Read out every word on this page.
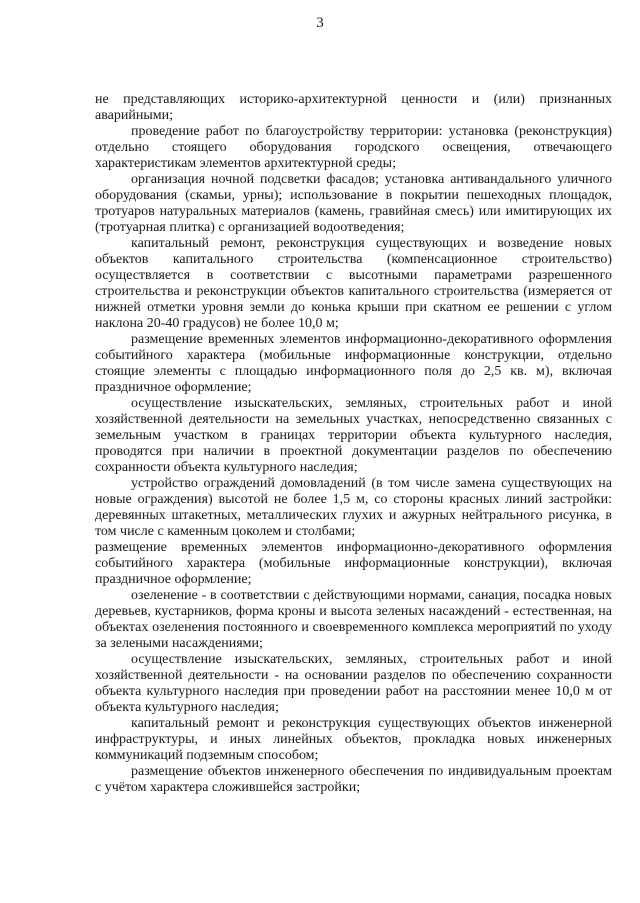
3

не представляющих историко-архитектурной ценности и (или) признанных аварийными;

проведение работ по благоустройству территории: установка (реконструкция) отдельно стоящего оборудования городского освещения, отвечающего характеристикам элементов архитектурной среды;

организация ночной подсветки фасадов; установка антивандального уличного оборудования (скамьи, урны); использование в покрытии пешеходных площадок, тротуаров натуральных материалов (камень, гравийная смесь) или имитирующих их (тротуарная плитка) с организацией водоотведения;

капитальный ремонт, реконструкция существующих и возведение новых объектов капитального строительства (компенсационное строительство) осуществляется в соответствии с высотными параметрами разрешенного строительства и реконструкции объектов капитального строительства (измеряется от нижней отметки уровня земли до конька крыши при скатном ее решении с углом наклона 20-40 градусов) не более 10,0 м;

размещение временных элементов информационно-декоративного оформления событийного характера (мобильные информационные конструкции, отдельно стоящие элементы с площадью информационного поля до 2,5 кв. м), включая праздничное оформление;

осуществление изыскательских, земляных, строительных работ и иной хозяйственной деятельности на земельных участках, непосредственно связанных с земельным участком в границах территории объекта культурного наследия, проводятся при наличии в проектной документации разделов по обеспечению сохранности объекта культурного наследия;

устройство ограждений домовладений (в том числе замена существующих на новые ограждения) высотой не более 1,5 м, со стороны красных линий застройки: деревянных штакетных, металлических глухих и ажурных нейтрального рисунка, в том числе с каменным цоколем и столбами;

размещение временных элементов информационно-декоративного оформления событийного характера (мобильные информационные конструкции), включая праздничное оформление;

озеленение - в соответствии с действующими нормами, санация, посадка новых деревьев, кустарников, форма кроны и высота зеленых насаждений - естественная, на объектах озеленения постоянного и своевременного комплекса мероприятий по уходу за зелеными насаждениями;

осуществление изыскательских, земляных, строительных работ и иной хозяйственной деятельности - на основании разделов по обеспечению сохранности объекта культурного наследия при проведении работ на расстоянии менее 10,0 м от объекта культурного наследия;

капитальный ремонт и реконструкция существующих объектов инженерной инфраструктуры, и иных линейных объектов, прокладка новых инженерных коммуникаций подземным способом;

размещение объектов инженерного обеспечения по индивидуальным проектам с учётом характера сложившейся застройки;
